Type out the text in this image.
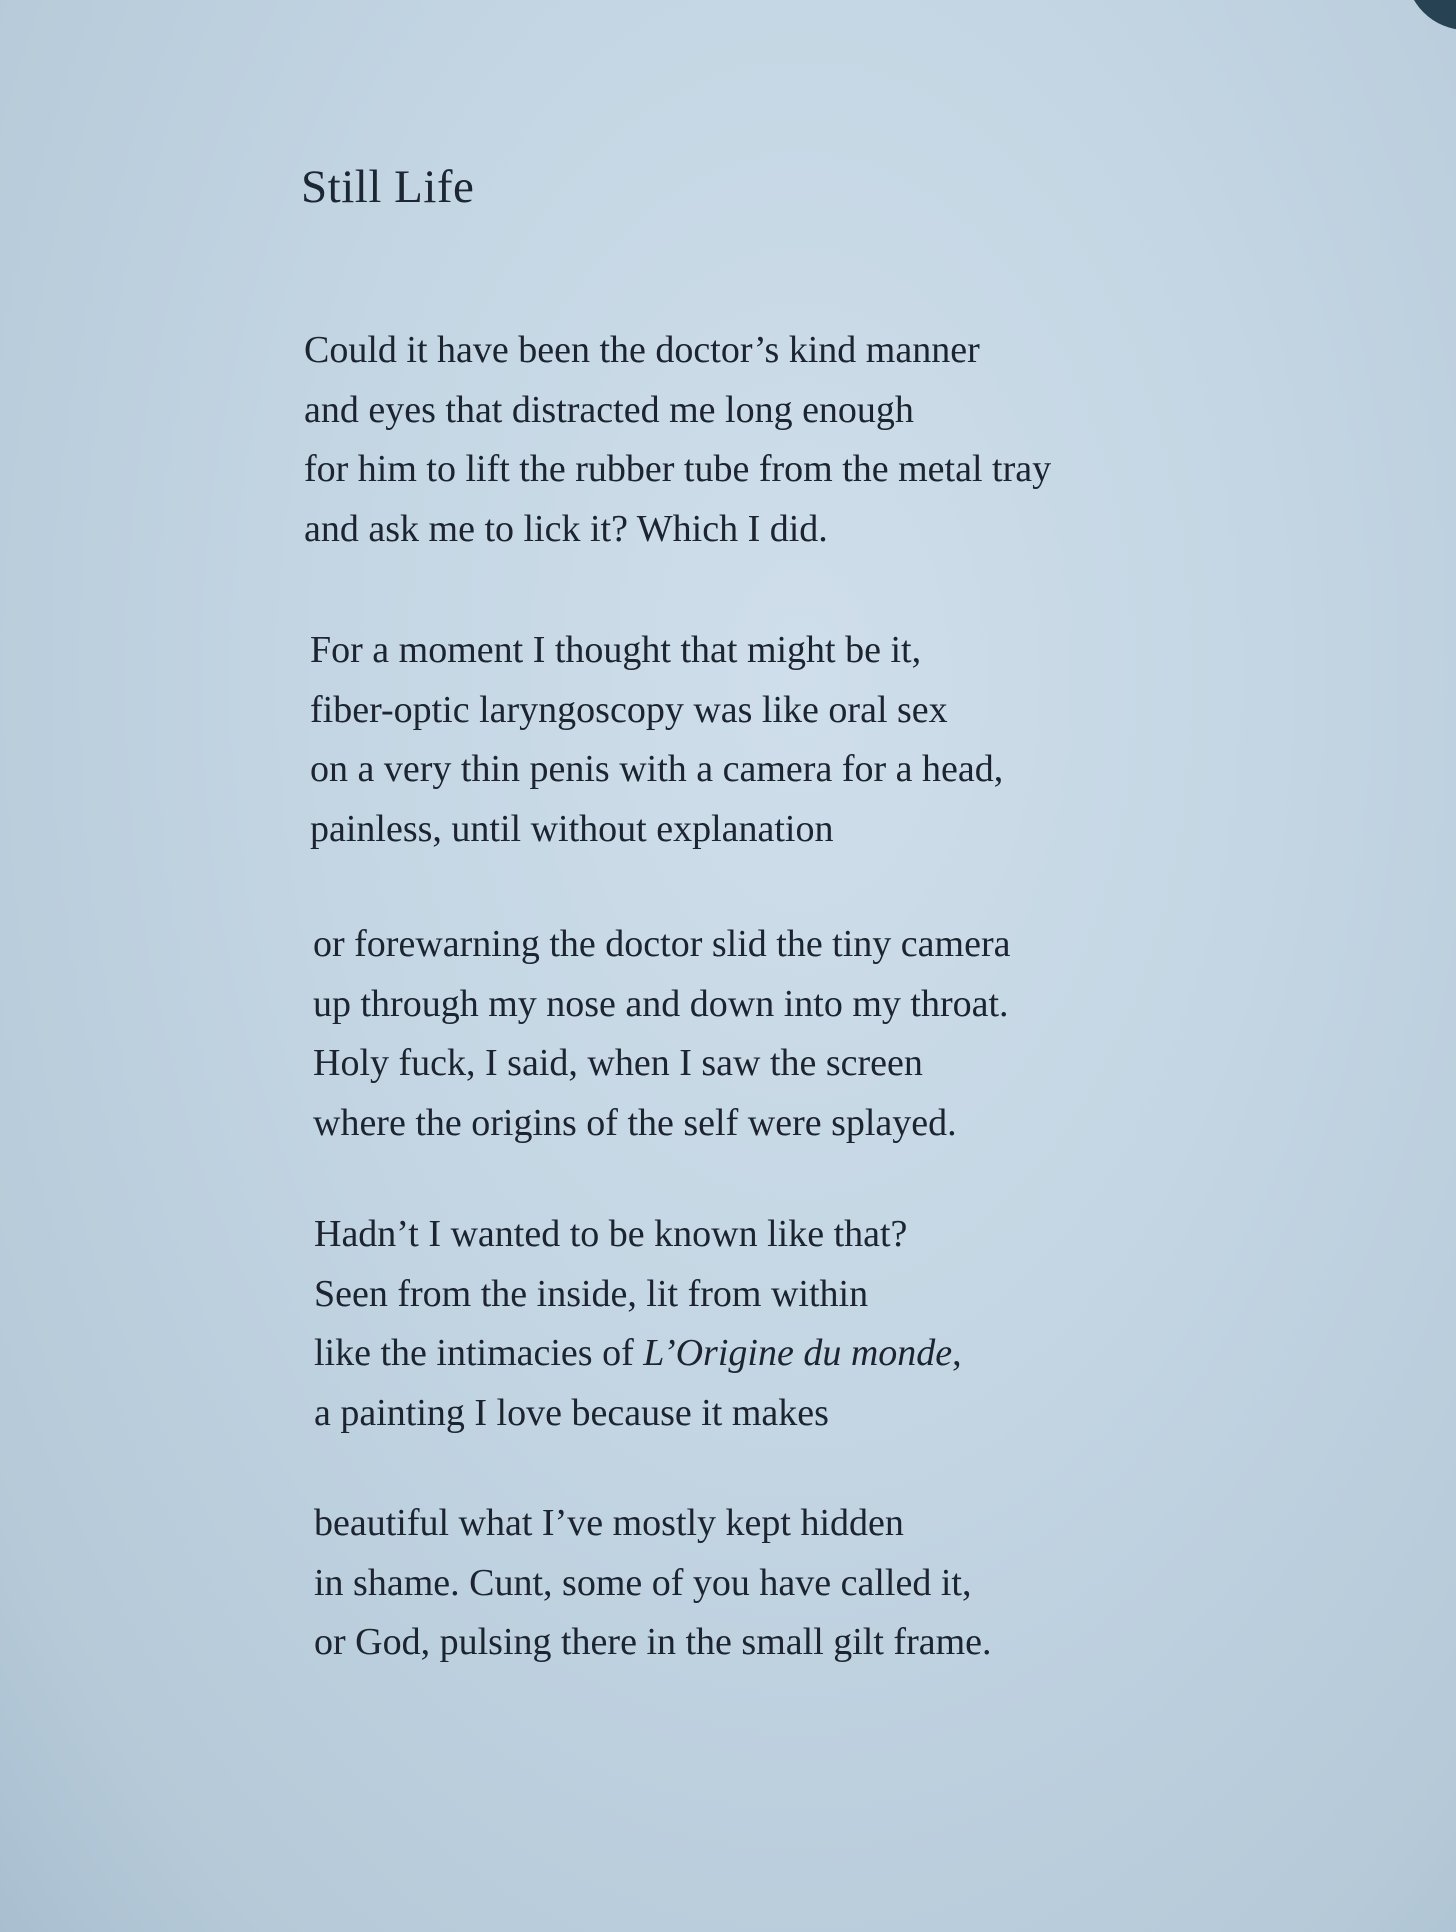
Still Life
Could it have been the doctor’s kind manner
and eyes that distracted me long enough
for him to lift the rubber tube from the metal tray
and ask me to lick it? Which I did.
For a moment I thought that might be it,
fiber-optic laryngoscopy was like oral sex
on a very thin penis with a camera for a head,
painless, until without explanation
or forewarning the doctor slid the tiny camera
up through my nose and down into my throat.
Holy fuck, I said, when I saw the screen
where the origins of the self were splayed.
Hadn’t I wanted to be known like that?
Seen from the inside, lit from within
like the intimacies of L’Origine du monde,
a painting I love because it makes
beautiful what I’ve mostly kept hidden
in shame. Cunt, some of you have called it,
or God, pulsing there in the small gilt frame.
